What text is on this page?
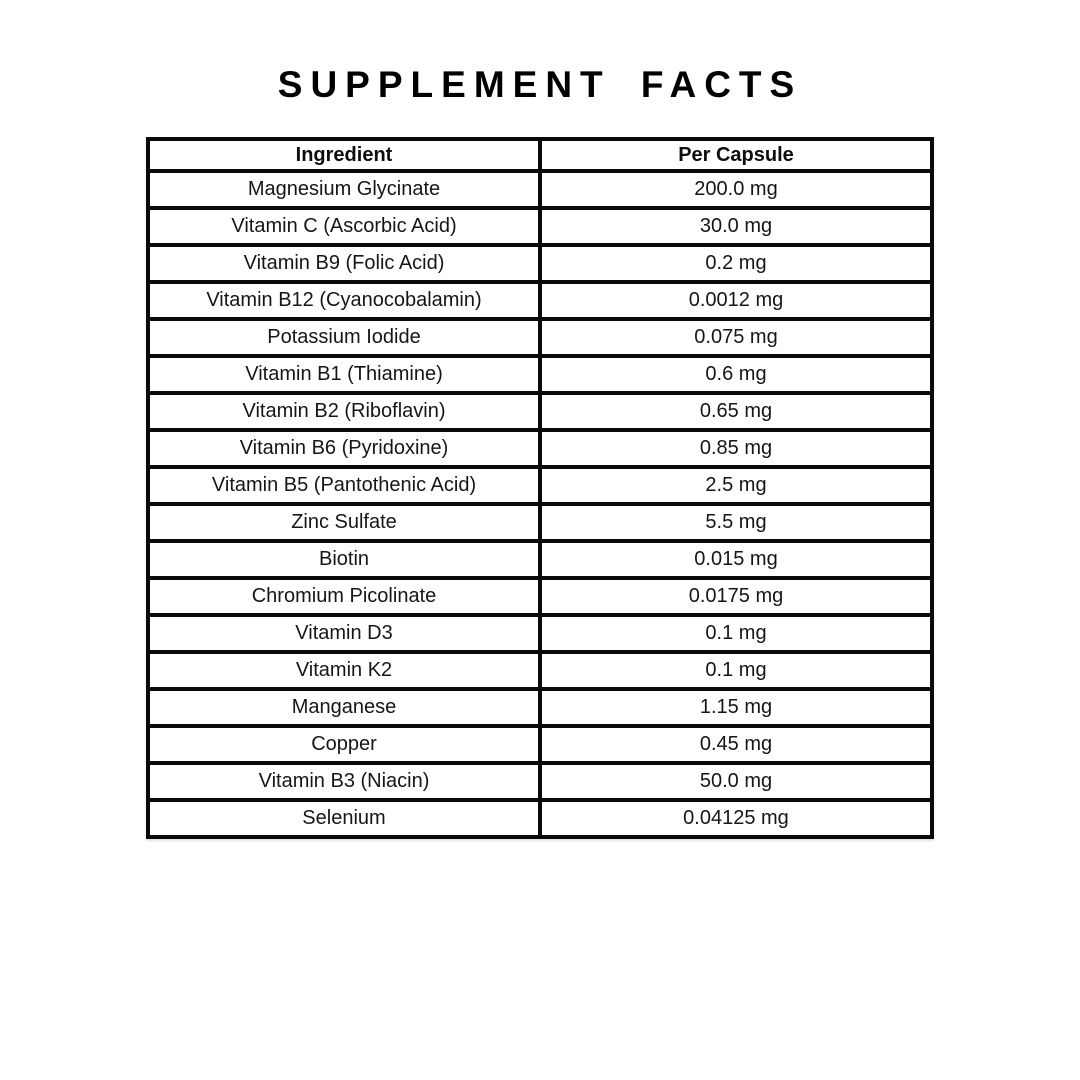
SUPPLEMENT FACTS
Ingredient	Per Capsule
Magnesium Glycinate	200.0 mg
Vitamin C (Ascorbic Acid)	30.0 mg
Vitamin B9 (Folic Acid)	0.2 mg
Vitamin B12 (Cyanocobalamin)	0.0012 mg
Potassium Iodide	0.075 mg
Vitamin B1 (Thiamine)	0.6 mg
Vitamin B2 (Riboflavin)	0.65 mg
Vitamin B6 (Pyridoxine)	0.85 mg
Vitamin B5 (Pantothenic Acid)	2.5 mg
Zinc Sulfate	5.5 mg
Biotin	0.015 mg
Chromium Picolinate	0.0175 mg
Vitamin D3	0.1 mg
Vitamin K2	0.1 mg
Manganese	1.15 mg
Copper	0.45 mg
Vitamin B3 (Niacin)	50.0 mg
Selenium	0.04125 mg
